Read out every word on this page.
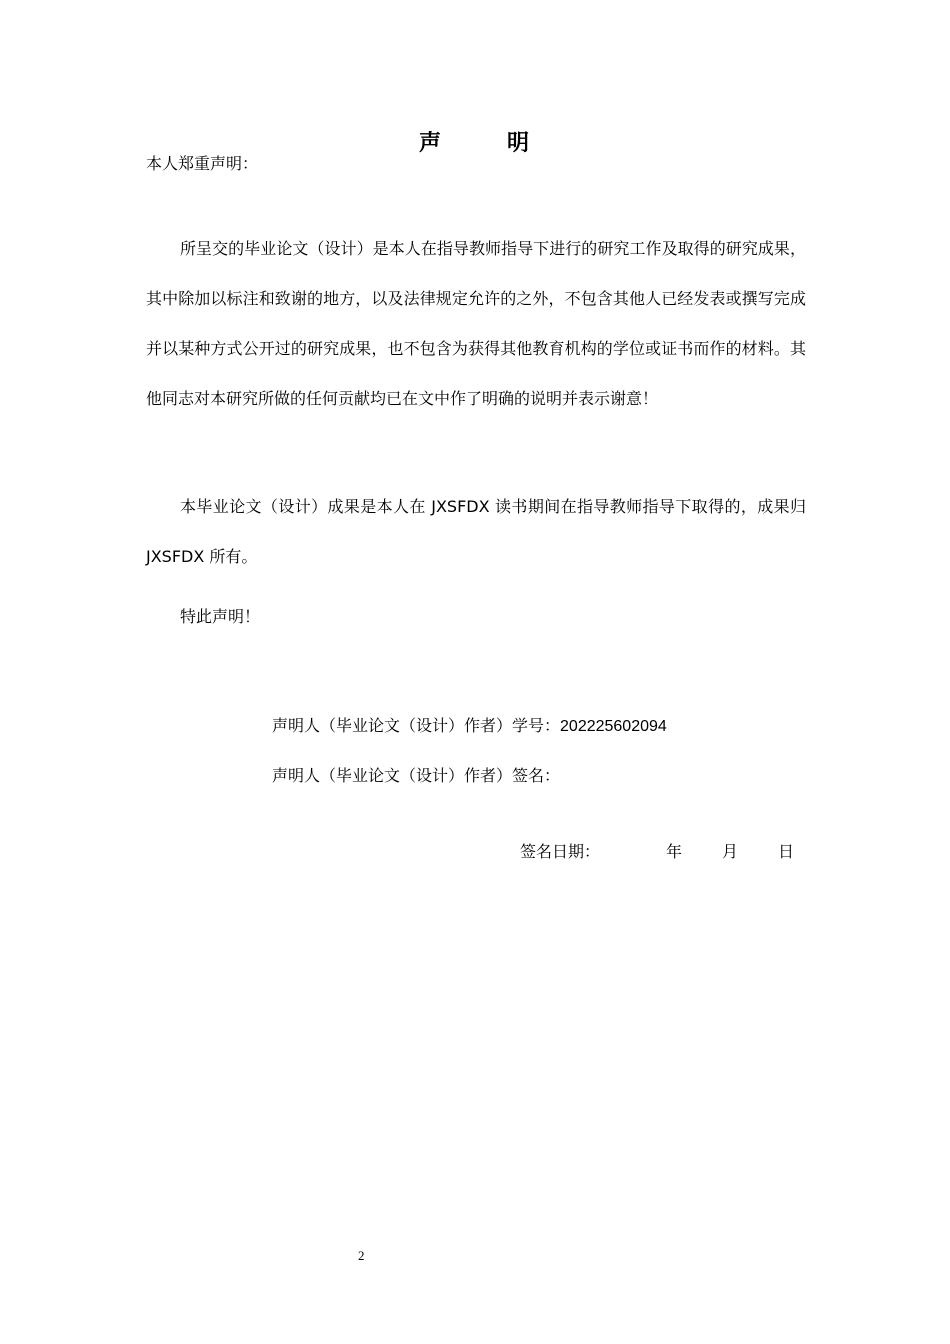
声	明
本人郑重声明：
所呈交的毕业论文（设计）是本人在指导教师指导下进行的研究工作及取得的研究成果，其中除加以标注和致谢的地方，以及法律规定允许的之外，不包含其他人已经发表或撰写完成并以某种方式公开过的研究成果，也不包含为获得其他教育机构的学位或证书而作的材料。其他同志对本研究所做的任何贡献均已在文中作了明确的说明并表示谢意！
本毕业论文（设计）成果是本人在 JXSFDX 读书期间在指导教师指导下取得的，成果归 JXSFDX 所有。
特此声明！
声明人（毕业论文（设计）作者）学号：202225602094
声明人（毕业论文（设计）作者）签名：
签名日期：	年	月	日
2
